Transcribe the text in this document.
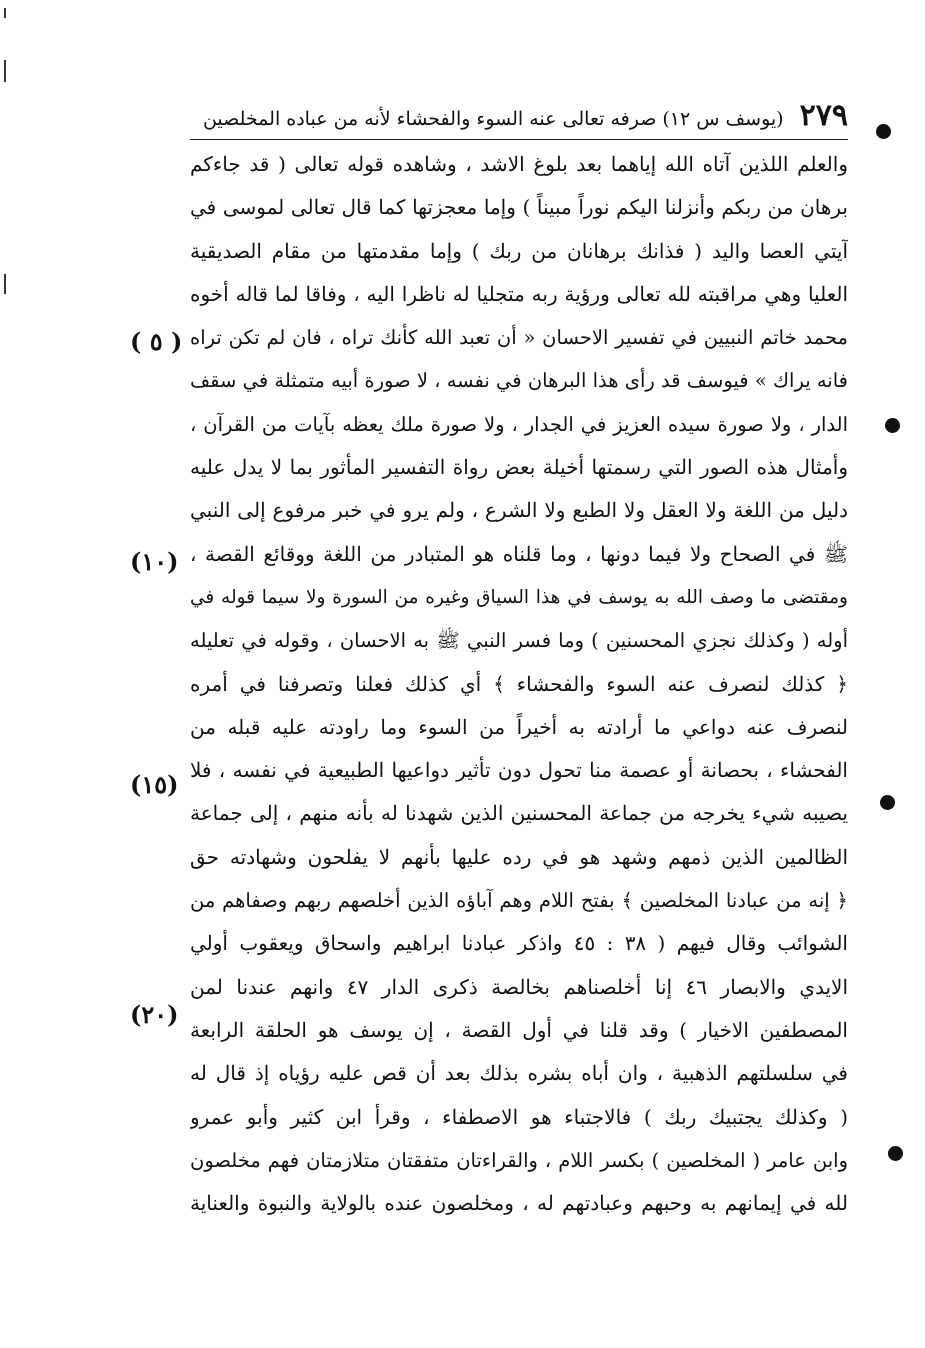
٢٧٩ (يوسف س ١٢) صرفه تعالى عنه السوء والفحشاء لأنه من عباده المخلصين
والعلم اللذين آتاه الله إياهما بعد بلوغ الاشد ، وشاهده قوله تعالى ( قد جاءكم
برهان من ربكم وأنزلنا اليكم نوراً مبيناً ) وإما معجزتها كما قال تعالى لموسى في
آيتي العصا واليد ( فذانك برهانان من ربك ) وإما مقدمتها من مقام الصديقية
العليا وهي مراقبته لله تعالى ورؤية ربه متجليا له ناظرا اليه ، وفاقا لما قاله أخوه
محمد خاتم النبيين في تفسير الاحسان « أن تعبد الله كأنك تراه ، فان لم تكن تراه
فانه يراك » فيوسف قد رأى هذا البرهان في نفسه ، لا صورة أبيه متمثلة في سقف
الدار ، ولا صورة سيده العزيز في الجدار ، ولا صورة ملك يعظه بآيات من القرآن ،
وأمثال هذه الصور التي رسمتها أخيلة بعض رواة التفسير المأثور بما لا يدل عليه
دليل من اللغة ولا العقل ولا الطبع ولا الشرع ، ولم يرو في خبر مرفوع إلى النبي
ﷺ في الصحاح ولا فيما دونها ، وما قلناه هو المتبادر من اللغة ووقائع القصة ،
ومقتضى ما وصف الله به يوسف في هذا السياق وغيره من السورة ولا سيما قوله في
أوله ( وكذلك نجزي المحسنين ) وما فسر النبي ﷺ به الاحسان ، وقوله في تعليله
﴿ كذلك لنصرف عنه السوء والفحشاء ﴾ أي كذلك فعلنا وتصرفنا في أمره
لنصرف عنه دواعي ما أرادته به أخيراً من السوء وما راودته عليه قبله من
الفحشاء ، بحصانة أو عصمة منا تحول دون تأثير دواعيها الطبيعية في نفسه ، فلا
يصيبه شيء يخرجه من جماعة المحسنين الذين شهدنا له بأنه منهم ، إلى جماعة
الظالمين الذين ذمهم وشهد هو في رده عليها بأنهم لا يفلحون وشهادته حق
﴿ إنه من عبادنا المخلصين ﴾ بفتح اللام وهم آباؤه الذين أخلصهم ربهم وصفاهم من
الشوائب وقال فيهم ( ٣٨ : ٤٥ واذكر عبادنا ابراهيم واسحاق ويعقوب أولي
الايدي والابصار ٤٦ إنا أخلصناهم بخالصة ذكرى الدار ٤٧ وانهم عندنا لمن
المصطفين الاخيار ) وقد قلنا في أول القصة ، إن يوسف هو الحلقة الرابعة
في سلسلتهم الذهبية ، وان أباه بشره بذلك بعد أن قص عليه رؤياه إذ قال له
( وكذلك يجتبيك ربك ) فالاجتباء هو الاصطفاء ، وقرأ ابن كثير وأبو عمرو
وابن عامر ( المخلصين ) بكسر اللام ، والقراءتان متفقتان متلازمتان فهم مخلصون
لله في إيمانهم به وحبهم وعبادتهم له ، ومخلصون عنده بالولاية والنبوة والعناية
( ٥ )
(١٠)
(١٥)
(٢٠)
